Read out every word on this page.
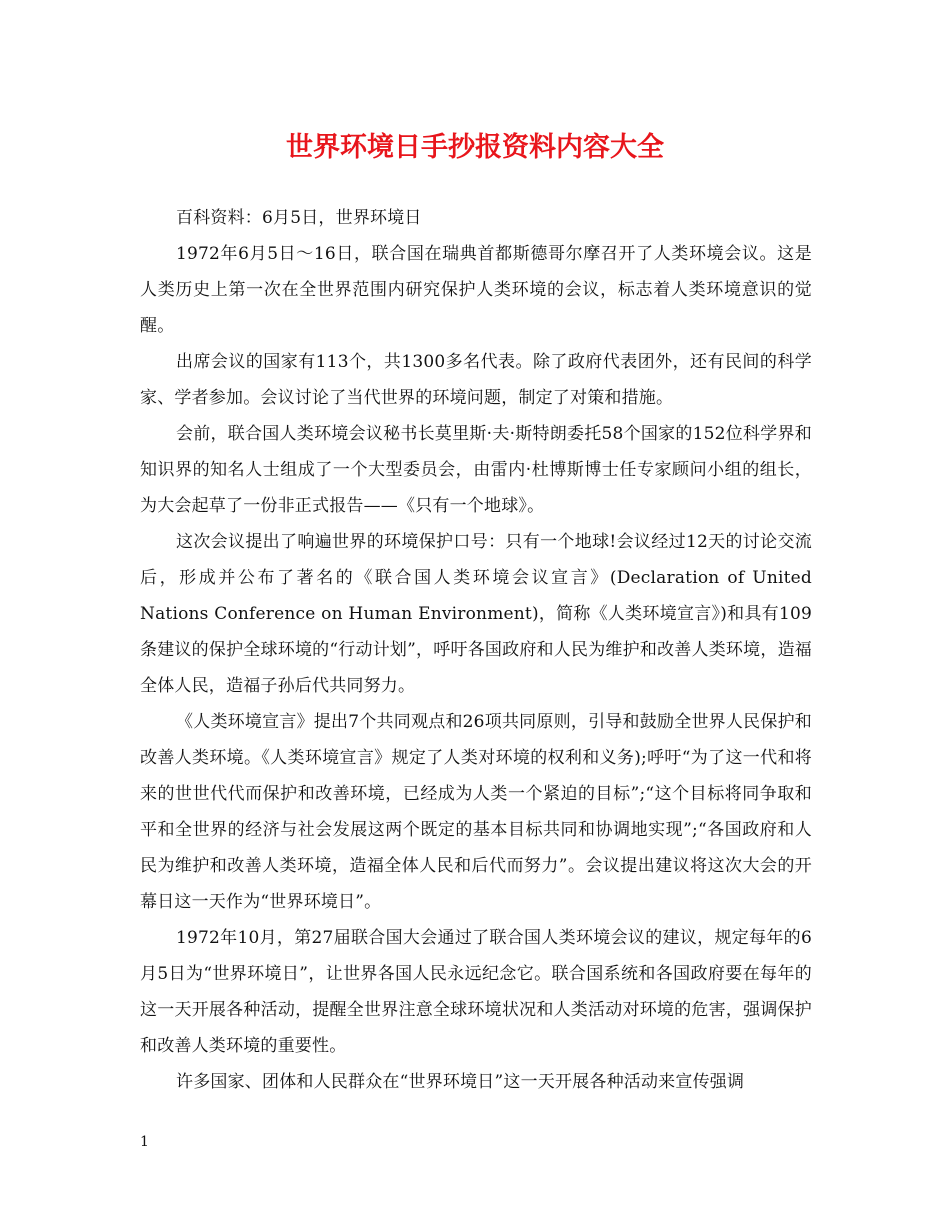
世界环境日手抄报资料内容大全

百科资料：6月5日，世界环境日

1972年6月5日～16日，联合国在瑞典首都斯德哥尔摩召开了人类环境会议。这是人类历史上第一次在全世界范围内研究保护人类环境的会议，标志着人类环境意识的觉醒。

出席会议的国家有113个，共1300多名代表。除了政府代表团外，还有民间的科学家、学者参加。会议讨论了当代世界的环境问题，制定了对策和措施。

会前，联合国人类环境会议秘书长莫里斯·夫·斯特朗委托58个国家的152位科学界和知识界的知名人士组成了一个大型委员会，由雷内·杜博斯博士任专家顾问小组的组长，为大会起草了一份非正式报告——《只有一个地球》。

这次会议提出了响遍世界的环境保护口号：只有一个地球!会议经过12天的讨论交流后，形成并公布了著名的《联合国人类环境会议宣言》(Declaration of United Nations Conference on Human Environment)，简称《人类环境宣言》)和具有109条建议的保护全球环境的“行动计划”，呼吁各国政府和人民为维护和改善人类环境，造福全体人民，造福子孙后代共同努力。

《人类环境宣言》提出7个共同观点和26项共同原则，引导和鼓励全世界人民保护和改善人类环境。《人类环境宣言》规定了人类对环境的权利和义务);呼吁“为了这一代和将来的世世代代而保护和改善环境，已经成为人类一个紧迫的目标”;“这个目标将同争取和平和全世界的经济与社会发展这两个既定的基本目标共同和协调地实现”;“各国政府和人民为维护和改善人类环境，造福全体人民和后代而努力”。会议提出建议将这次大会的开幕日这一天作为“世界环境日”。

1972年10月，第27届联合国大会通过了联合国人类环境会议的建议，规定每年的6月5日为“世界环境日”，让世界各国人民永远纪念它。联合国系统和各国政府要在每年的这一天开展各种活动，提醒全世界注意全球环境状况和人类活动对环境的危害，强调保护和改善人类环境的重要性。

许多国家、团体和人民群众在“世界环境日”这一天开展各种活动来宣传强调

1
